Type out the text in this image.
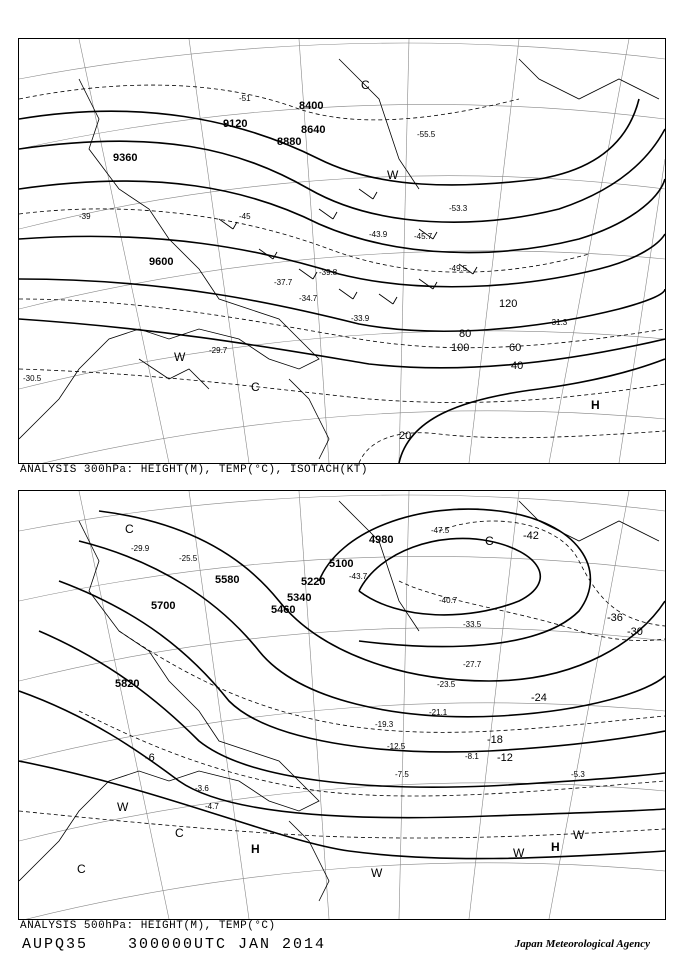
8400
8640
8880
9120
9360
9600
20
40
60
80
100
120
-55.5
-53.3
-49.5
-45.7
-43.9
-39.8
-37.7
-34.7
-33.9	-31.3
-29.7
-30.5
-39	-45
-51
C
W
C
W
H
ANALYSIS 300hPa: HEIGHT(M), TEMP(°C), ISOTACH(KT)
4980
5100
5220
5340
5460
5580
5700
5820
-42
-36
-30
-24
-18
-12
-6
-47.5
-43.7
-40.7
-33.5
-27.7
-23.5
-21.1
-19.3
-12.5
-8.1
-7.5	-5.3
-4.7
-3.6
-29.9
-25.5
C
C
W
C
H
W
W H
W
C
ANALYSIS 500hPa: HEIGHT(M), TEMP(°C)
AUPQ35	300000UTC JAN 2014	Japan Meteorological Agency
